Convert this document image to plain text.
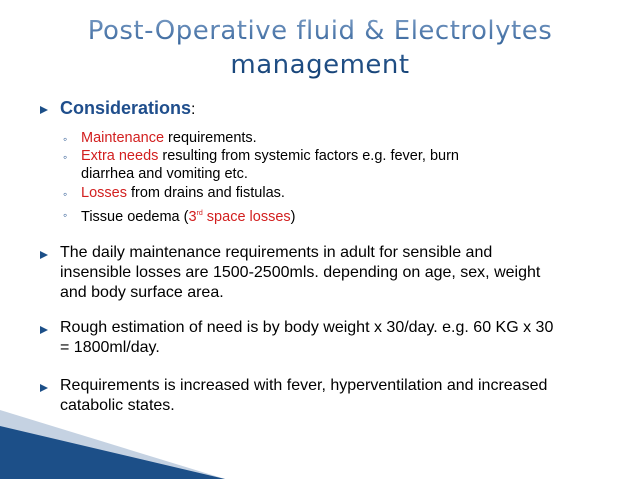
Post-Operative fluid & Electrolytes
management
Considerations:
◦ Maintenance requirements.
◦ Extra needs resulting from systemic factors e.g. fever, burn
diarrhea and vomiting etc.
◦ Losses from drains and fistulas.
◦ Tissue oedema (3rd space losses)
The daily maintenance requirements in adult for sensible and
insensible losses are 1500-2500mls. depending on age, sex, weight
and body surface area.
Rough estimation of need is by body weight x 30/day. e.g. 60 KG x 30
= 1800ml/day.
Requirements is increased with fever, hyperventilation and increased
catabolic states.
